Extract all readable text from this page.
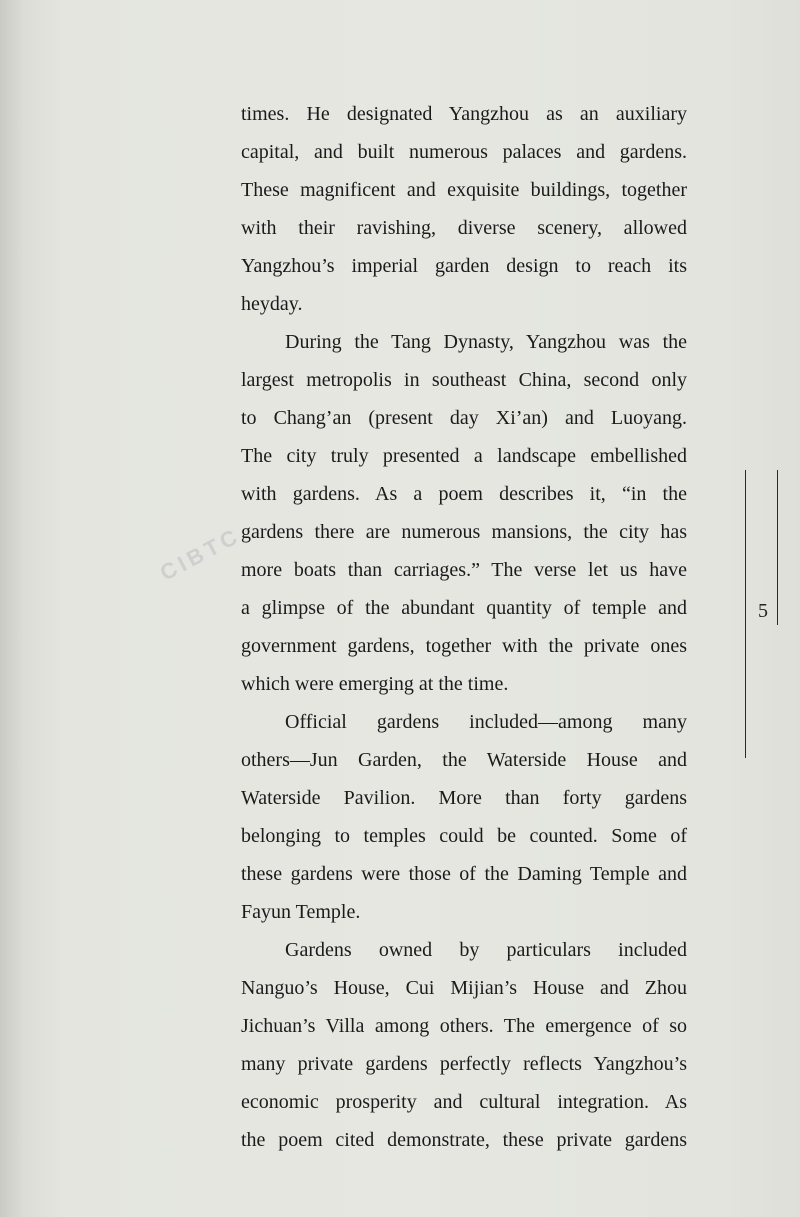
CIBTC

times. He designated Yangzhou as an auxiliary
capital, and built numerous palaces and gardens.
These magnificent and exquisite buildings, together
with their ravishing, diverse scenery, allowed
Yangzhou’s imperial garden design to reach its
heyday.

During the Tang Dynasty, Yangzhou was the
largest metropolis in southeast China, second only
to Chang’an (present day Xi’an) and Luoyang.
The city truly presented a landscape embellished
with gardens. As a poem describes it, “in the
gardens there are numerous mansions, the city has
more boats than carriages.” The verse let us have
a glimpse of the abundant quantity of temple and
government gardens, together with the private ones
which were emerging at the time.

Official gardens included—among many
others—Jun Garden, the Waterside House and
Waterside Pavilion. More than forty gardens
belonging to temples could be counted. Some of
these gardens were those of the Daming Temple and
Fayun Temple.

Gardens owned by particulars included
Nanguo’s House, Cui Mijian’s House and Zhou
Jichuan’s Villa among others. The emergence of so
many private gardens perfectly reflects Yangzhou’s
economic prosperity and cultural integration. As
the poem cited demonstrate, these private gardens

5
